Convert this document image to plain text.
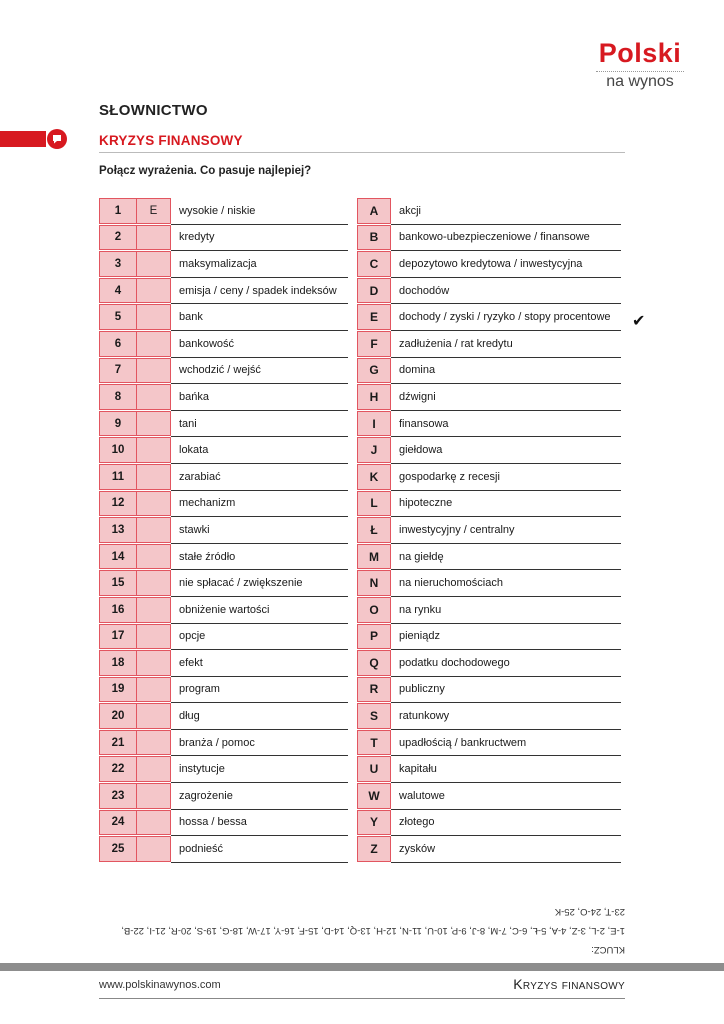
Polski
na wynos
SŁOWNICTWO
KRYZYS FINANSOWY
Połącz wyrażenia. Co pasuje najlepiej?
1	E	wysokie / niskie
2	kredyty
3	maksymalizacja
4	emisja / ceny / spadek indeksów
5	bank
6	bankowość
7	wchodzić / wejść
8	bańka
9	tani
10	lokata
11	zarabiać
12	mechanizm
13	stawki
14	stałe źródło
15	nie spłacać / zwiększenie
16	obniżenie wartości
17	opcje
18	efekt
19	program
20	dług
21	branża / pomoc
22	instytucje
23	zagrożenie
24	hossa / bessa
25	podnieść
A	akcji
B	bankowo-ubezpieczeniowe / finansowe
C	depozytowo kredytowa / inwestycyjna
D	dochodów
E	dochody / zyski / ryzyko / stopy procentowe
F	zadłużenia / rat kredytu
G	domina
H	dźwigni
I	finansowa
J	giełdowa
K	gospodarkę z recesji
L	hipoteczne
Ł	inwestycyjny / centralny
M	na giełdę
N	na nieruchomościach
O	na rynku
P	pieniądz
Q	podatku dochodowego
R	publiczny
S	ratunkowy
T	upadłością / bankructwem
U	kapitału
W	walutowe
Y	złotego
Z	zysków
✔
KLUCZ:
1-E, 2-L, 3-Z, 4-A, 5-Ł, 6-C, 7-M, 8-J, 9-P, 10-U, 11-N, 12-H, 13-Q, 14-D, 15-F, 16-Y, 17-W, 18-G, 19-S, 20-R, 21-I, 22-B,
23-T, 24-O, 25-K
www.polskinawynos.com	Kryzys finansowy
